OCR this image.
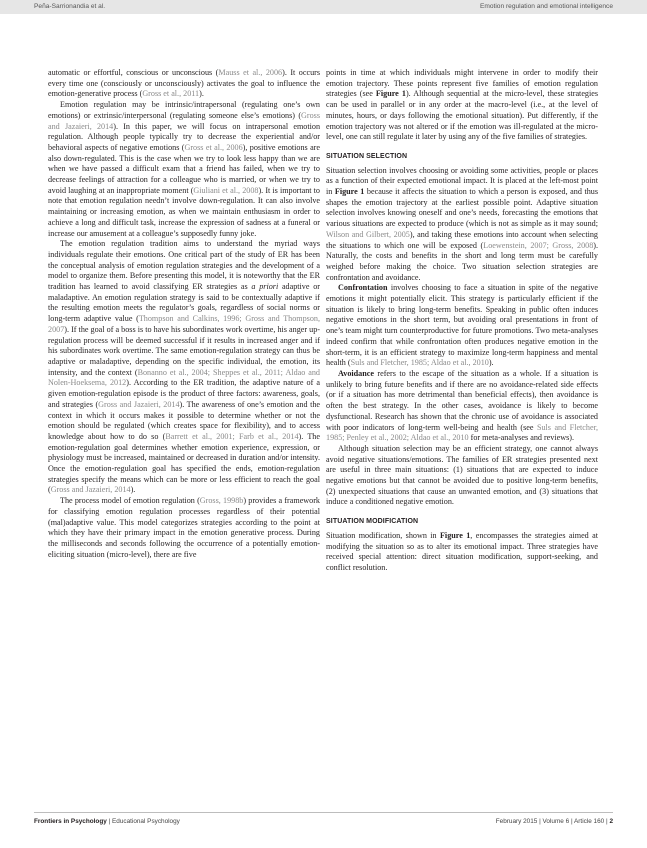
Peña-Sarrionandia et al.	Emotion regulation and emotional intelligence

automatic or effortful, conscious or unconscious (Mauss et al., 2006). It occurs every time one (consciously or unconsciously) activates the goal to influence the emotion-generative process (Gross et al., 2011).

Emotion regulation may be intrinsic/intrapersonal (regulating one’s own emotions) or extrinsic/interpersonal (regulating someone else’s emotions) (Gross and Jazaieri, 2014). In this paper, we will focus on intrapersonal emotion regulation. Although people typically try to decrease the experiential and/or behavioral aspects of negative emotions (Gross et al., 2006), positive emotions are also down-regulated. This is the case when we try to look less happy than we are when we have passed a difficult exam that a friend has failed, when we try to decrease feelings of attraction for a colleague who is married, or when we try to avoid laughing at an inappropriate moment (Giuliani et al., 2008). It is important to note that emotion regulation needn’t involve down-regulation. It can also involve maintaining or increasing emotion, as when we maintain enthusiasm in order to achieve a long and difficult task, increase the expression of sadness at a funeral or increase our amusement at a colleague’s supposedly funny joke.

The emotion regulation tradition aims to understand the myriad ways individuals regulate their emotions. One critical part of the study of ER has been the conceptual analysis of emotion regulation strategies and the development of a model to organize them. Before presenting this model, it is noteworthy that the ER tradition has learned to avoid classifying ER strategies as a priori adaptive or maladaptive. An emotion regulation strategy is said to be contextually adaptive if the resulting emotion meets the regulator’s goals, regardless of social norms or long-term adaptive value (Thompson and Calkins, 1996; Gross and Thompson, 2007). If the goal of a boss is to have his subordinates work overtime, his anger up-regulation process will be deemed successful if it results in increased anger and if his subordinates work overtime. The same emotion-regulation strategy can thus be adaptive or maladaptive, depending on the specific individual, the emotion, its intensity, and the context (Bonanno et al., 2004; Sheppes et al., 2011; Aldao and Nolen-Hoeksema, 2012). According to the ER tradition, the adaptive nature of a given emotion-regulation episode is the product of three factors: awareness, goals, and strategies (Gross and Jazaieri, 2014). The awareness of one’s emotion and the context in which it occurs makes it possible to determine whether or not the emotion should be regulated (which creates space for flexibility), and to access knowledge about how to do so (Barrett et al., 2001; Farb et al., 2014). The emotion-regulation goal determines whether emotion experience, expression, or physiology must be increased, maintained or decreased in duration and/or intensity. Once the emotion-regulation goal has specified the ends, emotion-regulation strategies specify the means which can be more or less efficient to reach the goal (Gross and Jazaieri, 2014).

The process model of emotion regulation (Gross, 1998b) provides a framework for classifying emotion regulation processes regardless of their potential (mal)adaptive value. This model categorizes strategies according to the point at which they have their primary impact in the emotion generative process. During the milliseconds and seconds following the occurrence of a potentially emotion-eliciting situation (micro-level), there are five

points in time at which individuals might intervene in order to modify their emotion trajectory. These points represent five families of emotion regulation strategies (see Figure 1). Although sequential at the micro-level, these strategies can be used in parallel or in any order at the macro-level (i.e., at the level of minutes, hours, or days following the emotional situation). Put differently, if the emotion trajectory was not altered or if the emotion was ill-regulated at the micro-level, one can still regulate it later by using any of the five families of strategies.

SITUATION SELECTION

Situation selection involves choosing or avoiding some activities, people or places as a function of their expected emotional impact. It is placed at the left-most point in Figure 1 because it affects the situation to which a person is exposed, and thus shapes the emotion trajectory at the earliest possible point. Adaptive situation selection involves knowing oneself and one’s needs, forecasting the emotions that various situations are expected to produce (which is not as simple as it may sound; Wilson and Gilbert, 2005), and taking these emotions into account when selecting the situations to which one will be exposed (Loewenstein, 2007; Gross, 2008). Naturally, the costs and benefits in the short and long term must be carefully weighed before making the choice. Two situation selection strategies are confrontation and avoidance.

Confrontation involves choosing to face a situation in spite of the negative emotions it might potentially elicit. This strategy is particularly efficient if the situation is likely to bring long-term benefits. Speaking in public often induces negative emotions in the short term, but avoiding oral presentations in front of one’s team might turn counterproductive for future promotions. Two meta-analyses indeed confirm that while confrontation often produces negative emotion in the short-term, it is an efficient strategy to maximize long-term happiness and mental health (Suls and Fletcher, 1985; Aldao et al., 2010).

Avoidance refers to the escape of the situation as a whole. If a situation is unlikely to bring future benefits and if there are no avoidance-related side effects (or if a situation has more detrimental than beneficial effects), then avoidance is often the best strategy. In the other cases, avoidance is likely to become dysfunctional. Research has shown that the chronic use of avoidance is associated with poor indicators of long-term well-being and health (see Suls and Fletcher, 1985; Penley et al., 2002; Aldao et al., 2010 for meta-analyses and reviews).

Although situation selection may be an efficient strategy, one cannot always avoid negative situations/emotions. The families of ER strategies presented next are useful in three main situations: (1) situations that are expected to induce negative emotions but that cannot be avoided due to positive long-term benefits, (2) unexpected situations that cause an unwanted emotion, and (3) situations that induce a conditioned negative emotion.

SITUATION MODIFICATION

Situation modification, shown in Figure 1, encompasses the strategies aimed at modifying the situation so as to alter its emotional impact. Three strategies have received special attention: direct situation modification, support-seeking, and conflict resolution.

Frontiers in Psychology | Educational Psychology	February 2015 | Volume 6 | Article 160 | 2
